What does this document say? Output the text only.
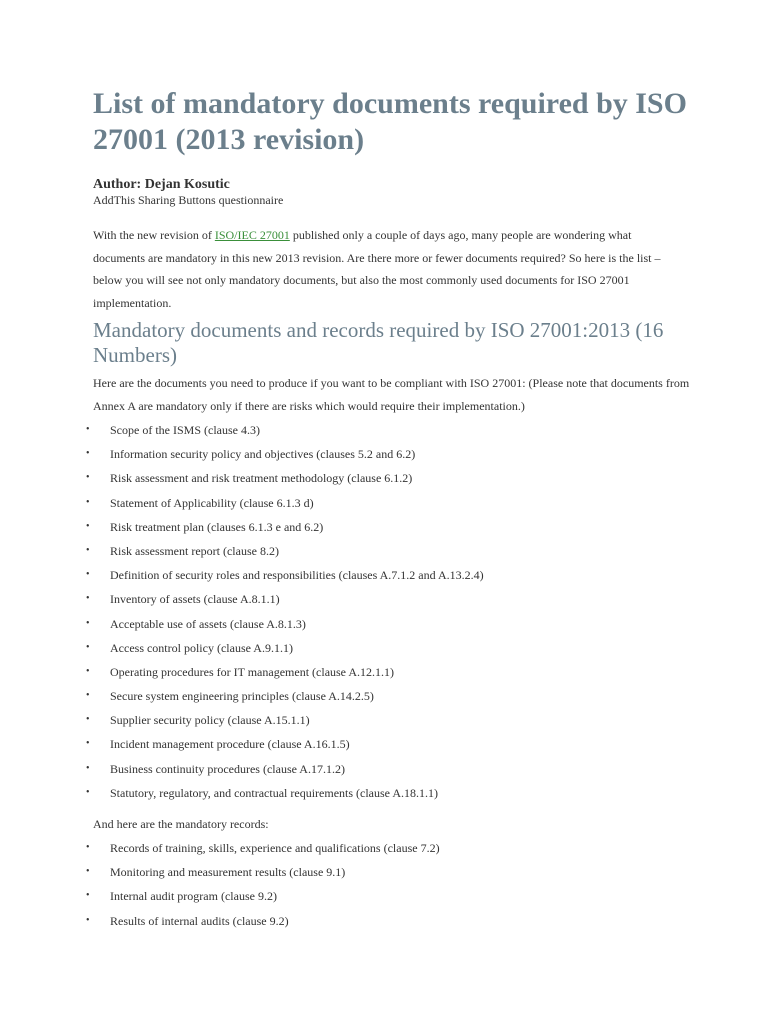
List of mandatory documents required by ISO 27001 (2013 revision)

Author: Dejan Kosutic

AddThis Sharing Buttons questionnaire

With the new revision of ISO/IEC 27001 published only a couple of days ago, many people are wondering what documents are mandatory in this new 2013 revision. Are there more or fewer documents required? So here is the list – below you will see not only mandatory documents, but also the most commonly used documents for ISO 27001 implementation.

Mandatory documents and records required by ISO 27001:2013 (16 Numbers)

Here are the documents you need to produce if you want to be compliant with ISO 27001: (Please note that documents from Annex A are mandatory only if there are risks which would require their implementation.)

• Scope of the ISMS (clause 4.3)
• Information security policy and objectives (clauses 5.2 and 6.2)
• Risk assessment and risk treatment methodology (clause 6.1.2)
• Statement of Applicability (clause 6.1.3 d)
• Risk treatment plan (clauses 6.1.3 e and 6.2)
• Risk assessment report (clause 8.2)
• Definition of security roles and responsibilities (clauses A.7.1.2 and A.13.2.4)
• Inventory of assets (clause A.8.1.1)
• Acceptable use of assets (clause A.8.1.3)
• Access control policy (clause A.9.1.1)
• Operating procedures for IT management (clause A.12.1.1)
• Secure system engineering principles (clause A.14.2.5)
• Supplier security policy (clause A.15.1.1)
• Incident management procedure (clause A.16.1.5)
• Business continuity procedures (clause A.17.1.2)
• Statutory, regulatory, and contractual requirements (clause A.18.1.1)

And here are the mandatory records:

• Records of training, skills, experience and qualifications (clause 7.2)
• Monitoring and measurement results (clause 9.1)
• Internal audit program (clause 9.2)
• Results of internal audits (clause 9.2)
